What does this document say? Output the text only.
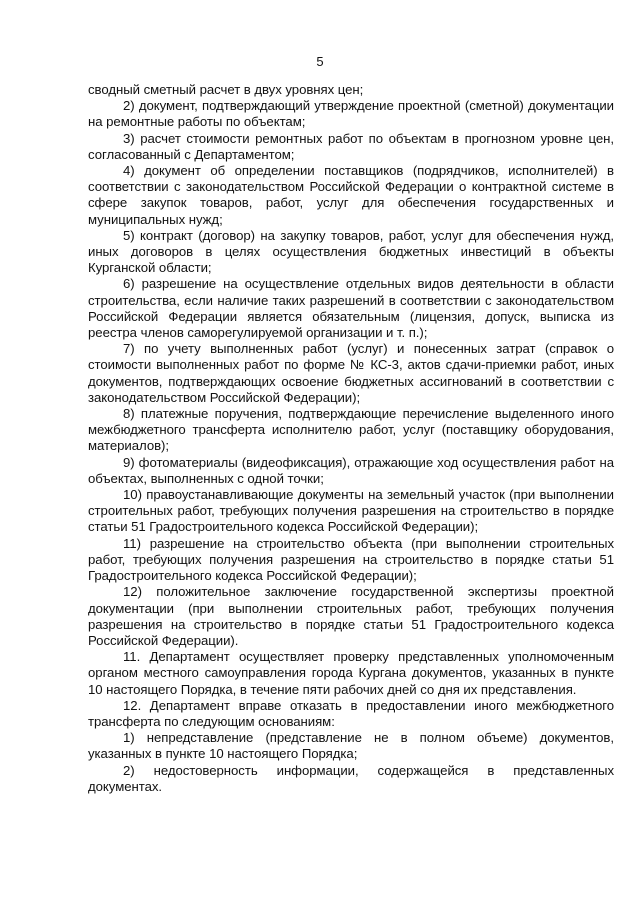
5

сводный сметный расчет в двух уровнях цен;

2) документ, подтверждающий утверждение проектной (сметной) документации на ремонтные работы по объектам;

3) расчет стоимости ремонтных работ по объектам в прогнозном уровне цен, согласованный с Департаментом;

4) документ об определении поставщиков (подрядчиков, исполнителей) в соответствии с законодательством Российской Федерации о контрактной системе в сфере закупок товаров, работ, услуг для обеспечения государственных и муниципальных нужд;

5) контракт (договор) на закупку товаров, работ, услуг для обеспечения нужд, иных договоров в целях осуществления бюджетных инвестиций в объекты Курганской области;

6) разрешение на осуществление отдельных видов деятельности в области строительства, если наличие таких разрешений в соответствии с законодательством Российской Федерации является обязательным (лицензия, допуск, выписка из реестра членов саморегулируемой организации и т. п.);

7) по учету выполненных работ (услуг) и понесенных затрат (справок о стоимости выполненных работ по форме № КС-3, актов сдачи-приемки работ, иных документов, подтверждающих освоение бюджетных ассигнований в соответствии с законодательством Российской Федерации);

8) платежные поручения, подтверждающие перечисление выделенного иного межбюджетного трансферта исполнителю работ, услуг (поставщику оборудования, материалов);

9) фотоматериалы (видеофиксация), отражающие ход осуществления работ на объектах, выполненных с одной точки;

10) правоустанавливающие документы на земельный участок (при выполнении строительных работ, требующих получения разрешения на строительство в порядке статьи 51 Градостроительного кодекса Российской Федерации);

11) разрешение на строительство объекта (при выполнении строительных работ, требующих получения разрешения на строительство в порядке статьи 51 Градостроительного кодекса Российской Федерации);

12) положительное заключение государственной экспертизы проектной документации (при выполнении строительных работ, требующих получения разрешения на строительство в порядке статьи 51 Градостроительного кодекса Российской Федерации).

11. Департамент осуществляет проверку представленных уполномоченным органом местного самоуправления города Кургана документов, указанных в пункте 10 настоящего Порядка, в течение пяти рабочих дней со дня их представления.

12. Департамент вправе отказать в предоставлении иного межбюджетного трансферта по следующим основаниям:

1) непредставление (представление не в полном объеме) документов, указанных в пункте 10 настоящего Порядка;

2) недостоверность информации, содержащейся в представленных документах.
